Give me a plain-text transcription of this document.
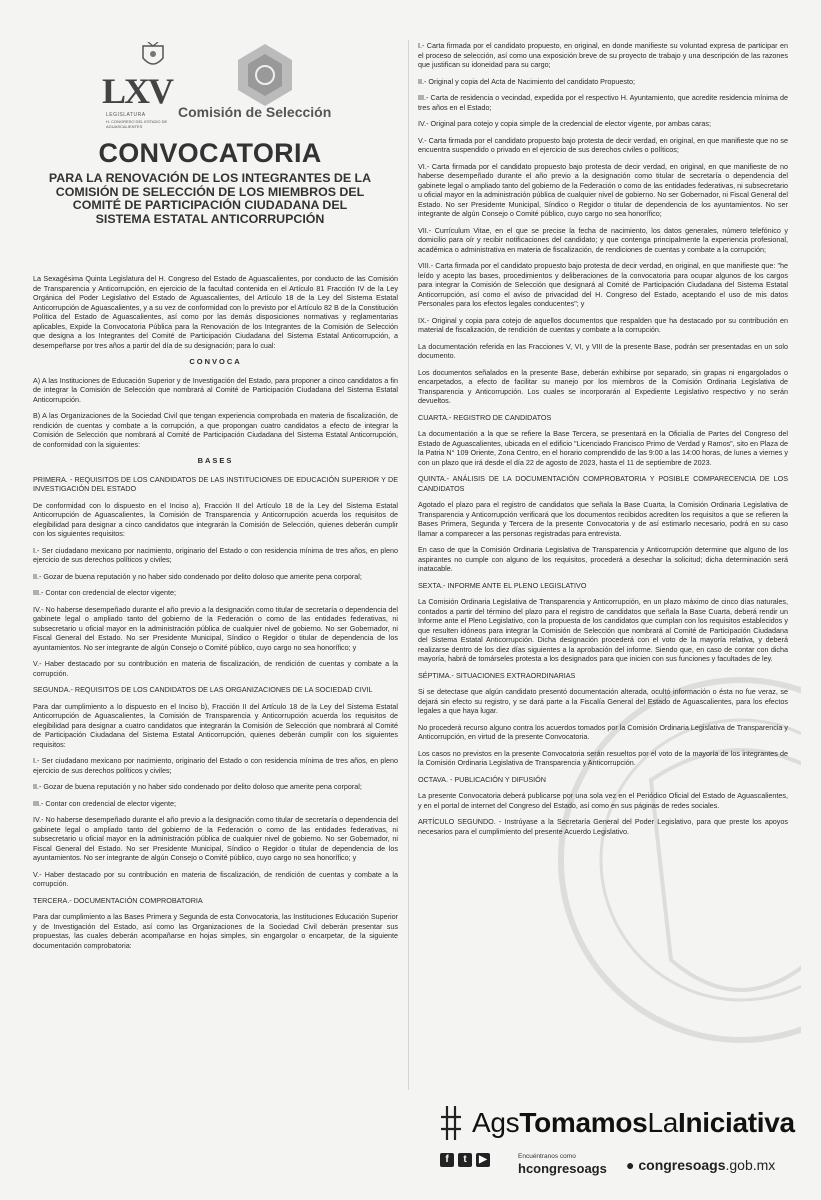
LXV
LEGISLATURA
H. CONGRESO DEL ESTADO DE AGUASCALIENTES
Comisión de Selección
CONVOCATORIA
PARA LA RENOVACIÓN DE LOS INTEGRANTES DE LA COMISIÓN DE SELECCIÓN DE LOS MIEMBROS DEL COMITÉ DE PARTICIPACIÓN CIUDADANA DEL SISTEMA ESTATAL ANTICORRUPCIÓN

La Sexagésima Quinta Legislatura del H. Congreso del Estado de Aguascalientes, por conducto de las Comisión de Transparencia y Anticorrupción, en ejercicio de la facultad contenida en el Artículo 81 Fracción IV de la Ley Orgánica del Poder Legislativo del Estado de Aguascalientes, del Artículo 18 de la Ley del Sistema Estatal Anticorrupción de Aguascalientes, y a su vez de conformidad con lo previsto por el Artículo 82 B de la Constitución Política del Estado de Aguascalientes, así como por las demás disposiciones normativas y reglamentarias aplicables, Expide la Convocatoria Pública para la Renovación de los Integrantes de la Comisión de Selección que designa a los Integrantes del Comité de Participación Ciudadana del Sistema Estatal Anticorrupción, a desempeñarse por tres años a partir del día de su designación; para lo cual:

CONVOCA

A) A las Instituciones de Educación Superior y de Investigación del Estado, para proponer a cinco candidatos a fin de integrar la Comisión de Selección que nombrará al Comité de Participación Ciudadana del Sistema Estatal Anticorrupción.

B) A las Organizaciones de la Sociedad Civil que tengan experiencia comprobada en materia de fiscalización, de rendición de cuentas y combate a la corrupción, a que propongan cuatro candidatos a efecto de integrar la Comisión de Selección que nombrará al Comité de Participación Ciudadana del Sistema Estatal Anticorrupción, de conformidad con la siguientes:

BASES

PRIMERA. - REQUISITOS DE LOS CANDIDATOS DE LAS INSTITUCIONES DE EDUCACIÓN SUPERIOR Y DE INVESTIGACIÓN DEL ESTADO

De conformidad con lo dispuesto en el Inciso a), Fracción II del Artículo 18 de la Ley del Sistema Estatal Anticorrupción de Aguascalientes, la Comisión de Transparencia y Anticorrupción acuerda los requisitos de elegibilidad para designar a cinco candidatos que integrarán la Comisión de Selección, quienes deberán cumplir con los siguientes requisitos:

I.- Ser ciudadano mexicano por nacimiento, originario del Estado o con residencia mínima de tres años, en pleno ejercicio de sus derechos políticos y civiles;

II.- Gozar de buena reputación y no haber sido condenado por delito doloso que amerite pena corporal;

III.- Contar con credencial de elector vigente;

IV.- No haberse desempeñado durante el año previo a la designación como titular de secretaría o dependencia del gabinete legal o ampliado tanto del gobierno de la Federación o como de las entidades federativas, ni subsecretario u oficial mayor en la administración pública de cualquier nivel de gobierno. No ser Gobernador, ni Fiscal General del Estado. No ser Presidente Municipal, Síndico o Regidor o titular de dependencia de los ayuntamientos. No ser integrante de algún Consejo o Comité público, cuyo cargo no sea honorífico; y

V.- Haber destacado por su contribución en materia de fiscalización, de rendición de cuentas y combate a la corrupción.

SEGUNDA.- REQUISITOS DE LOS CANDIDATOS DE LAS ORGANIZACIONES DE LA SOCIEDAD CIVIL

Para dar cumplimiento a lo dispuesto en el Inciso b), Fracción II del Artículo 18 de la Ley del Sistema Estatal Anticorrupción de Aguascalientes, la Comisión de Transparencia y Anticorrupción acuerda los requisitos de elegibilidad para designar a cuatro candidatos que integrarán la Comisión de Selección que nombrará al Comité de Participación Ciudadana del Sistema Estatal Anticorrupción, quienes deberán cumplir con los siguientes requisitos:

I.- Ser ciudadano mexicano por nacimiento, originario del Estado o con residencia mínima de tres años, en pleno ejercicio de sus derechos políticos y civiles;

II.- Gozar de buena reputación y no haber sido condenado por delito doloso que amerite pena corporal;

III.- Contar con credencial de elector vigente;

IV.- No haberse desempeñado durante el año previo a la designación como titular de secretaría o dependencia del gabinete legal o ampliado tanto del gobierno de la Federación o como de las entidades federativas, ni subsecretario u oficial mayor en la administración pública de cualquier nivel de gobierno. No ser Gobernador, ni Fiscal General del Estado. No ser Presidente Municipal, Síndico o Regidor o titular de dependencia de los ayuntamientos. No ser integrante de algún Consejo o Comité público, cuyo cargo no sea honorífico; y

V.- Haber destacado por su contribución en materia de fiscalización, de rendición de cuentas y combate a la corrupción.

TERCERA.- DOCUMENTACIÓN COMPROBATORIA

Para dar cumplimiento a las Bases Primera y Segunda de esta Convocatoria, las Instituciones Educación Superior y de Investigación del Estado, así como las Organizaciones de la Sociedad Civil deberán presentar sus propuestas, las cuales deberán acompañarse en hojas simples, sin engargolar o encarpetar, de la siguiente documentación comprobatoria:

I.- Carta firmada por el candidato propuesto, en original, en donde manifieste su voluntad expresa de participar en el proceso de selección, así como una exposición breve de su proyecto de trabajo y una descripción de las razones que justifican su idoneidad para su cargo;

II.- Original y copia del Acta de Nacimiento del candidato Propuesto;

III.- Carta de residencia o vecindad, expedida por el respectivo H. Ayuntamiento, que acredite residencia mínima de tres años en el Estado;

IV.- Original para cotejo y copia simple de la credencial de elector vigente, por ambas caras;

V.- Carta firmada por el candidato propuesto bajo protesta de decir verdad, en original, en que manifieste que no se encuentra suspendido o privado en el ejercicio de sus derechos civiles o políticos;

VI.- Carta firmada por el candidato propuesto bajo protesta de decir verdad, en original, en que manifieste de no haberse desempeñado durante el año previo a la designación como titular de secretaría o dependencia del gabinete legal o ampliado tanto del gobierno de la Federación o como de las entidades federativas, ni subsecretario u oficial mayor en la administración pública de cualquier nivel de gobierno. No ser Gobernador, ni Fiscal General del Estado. No ser Presidente Municipal, Síndico o Regidor o titular de dependencia de los ayuntamientos. No ser integrante de algún Consejo o Comité público, cuyo cargo no sea honorífico;

VII.- Currículum Vitae, en el que se precise la fecha de nacimiento, los datos generales, número telefónico y domicilio para oír y recibir notificaciones del candidato; y que contenga principalmente la experiencia profesional, académica o administrativa en materia de fiscalización, de rendiciones de cuentas y combate a la corrupción;

VIII.- Carta firmada por el candidato propuesto bajo protesta de decir verdad, en original, en que manifieste que: "he leído y acepto las bases, procedimientos y deliberaciones de la convocatoria para ocupar algunos de los cargos para integrar la Comisión de Selección que designará al Comité de Participación Ciudadana del Sistema Estatal Anticorrupción, así como el aviso de privacidad del H. Congreso del Estado, aceptando el uso de mis datos Personales para los efectos legales conducentes"; y

IX.- Original y copia para cotejo de aquellos documentos que respalden que ha destacado por su contribución en material de fiscalización, de rendición de cuentas y combate a la corrupción.

La documentación referida en las Fracciones V, VI, y VIII de la presente Base, podrán ser presentadas en un solo documento.

Los documentos señalados en la presente Base, deberán exhibirse por separado, sin grapas ni engargolados o encarpetados, a efecto de facilitar su manejo por los miembros de la Comisión Ordinaria Legislativa de Transparencia y Anticorrupción. Los cuales se incorporarán al Expediente Legislativo respectivo y no serán devueltos.

CUARTA.- REGISTRO DE CANDIDATOS

La documentación a la que se refiere la Base Tercera, se presentará en la Oficialía de Partes del Congreso del Estado de Aguascalientes, ubicada en el edificio "Licenciado Francisco Primo de Verdad y Ramos", sito en Plaza de la Patria N° 109 Oriente, Zona Centro, en el horario comprendido de las 9:00 a las 14:00 horas, de lunes a viernes y con un plazo que irá desde el día 22 de agosto de 2023, hasta el 11 de septiembre de 2023.

QUINTA.- ANÁLISIS DE LA DOCUMENTACIÓN COMPROBATORIA Y POSIBLE COMPARECENCIA DE LOS CANDIDATOS

Agotado el plazo para el registro de candidatos que señala la Base Cuarta, la Comisión Ordinaria Legislativa de Transparencia y Anticorrupción verificará que los documentos recibidos acrediten los requisitos a que se refieren la Bases Primera, Segunda y Tercera de la presente Convocatoria y de así estimarlo necesario, podrá en su caso llamar a comparecer a las personas registradas para entrevista.

En caso de que la Comisión Ordinaria Legislativa de Transparencia y Anticorrupción determine que alguno de los aspirantes no cumple con alguno de los requisitos, procederá a desechar la solicitud; dicha determinación será inatacable.

SEXTA.- INFORME ANTE EL PLENO LEGISLATIVO

La Comisión Ordinaria Legislativa de Transparencia y Anticorrupción, en un plazo máximo de cinco días naturales, contados a partir del término del plazo para el registro de candidatos que señala la Base Cuarta, deberá rendir un Informe ante el Pleno Legislativo, con la propuesta de los candidatos que cumplan con los requisitos establecidos y que resulten idóneos para integrar la Comisión de Selección que nombrará al Comité de Participación Ciudadana del Sistema Estatal Anticorrupción. Dicha designación procederá con el voto de la mayoría relativa, y deberá realizarse dentro de los diez días siguientes a la aprobación del informe. Siendo que, en caso de contar con dicha mayoría, habrá de tomárseles protesta a los designados para que inicien con sus funciones y facultades de ley.

SÉPTIMA.- SITUACIONES EXTRAORDINARIAS

Si se detectase que algún candidato presentó documentación alterada, ocultó información o ésta no fue veraz, se dejará sin efecto su registro, y se dará parte a la Fiscalía General del Estado de Aguascalientes, para los efectos legales a que haya lugar.

No procederá recurso alguno contra los acuerdos tomados por la Comisión Ordinaria Legislativa de Transparencia y Anticorrupción, en virtud de la presente Convocatoria.

Los casos no previstos en la presente Convocatoria serán resueltos por el voto de la mayoría de los integrantes de la Comisión Ordinaria Legislativa de Transparencia y Anticorrupción.

OCTAVA. - PUBLICACIÓN Y DIFUSIÓN

La presente Convocatoria deberá publicarse por una sola vez en el Periódico Oficial del Estado de Aguascalientes, y en el portal de internet del Congreso del Estado, así como en sus páginas de redes sociales.

ARTÍCULO SEGUNDO. - Instrúyase a la Secretaría General del Poder Legislativo, para que preste los apoyos necesarios para el cumplimiento del presente Acuerdo Legislativo.

AgsTomamosLaIniciativa
f t ▶	Encuéntranos como
hcongresoags ● congresoags.gob.mx
